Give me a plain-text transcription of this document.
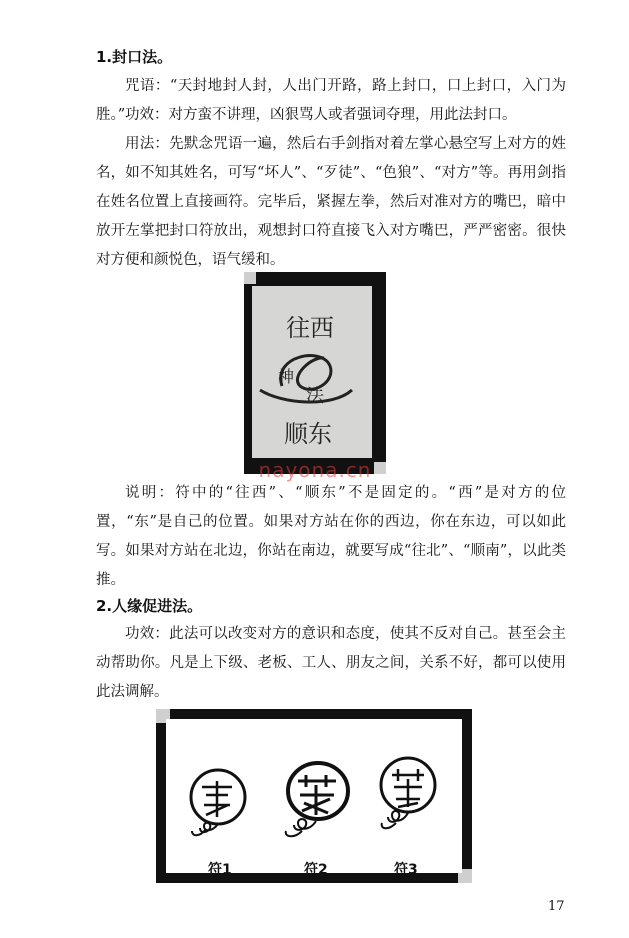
1.封口法。

咒语：“天封地封人封，人出门开路，路上封口，口上封口，入门为胜。” 功效：对方蛮不讲理，凶狠骂人或者强词夺理，用此法封口。

用法：先默念咒语一遍，然后右手剑指对着左掌心悬空写上对方的姓名，如不知其姓名，可写“坏人”、“歹徒”、“色狼”、“对方”等。再用剑指在姓名位置上直接画符。完毕后，紧握左拳，然后对准对方的嘴巴，暗中放开左掌把封口符放出，观想封口符直接飞入对方嘴巴，严严密密。很快对方便和颜悦色，语气缓和。

往西
神
法
顺东
nayona.cn

说明：符中的“往西”、“顺东”不是固定的。“西”是对方的位置，“东”是自己的位置。如果对方站在你的西边，你在东边，可以如此写。如果对方站在北边，你站在南边，就要写成“往北”、“顺南”，以此类推。

2.人缘促进法。

功效：此法可以改变对方的意识和态度，使其不反对自己。甚至会主动帮助你。凡是上下级、老板、工人、朋友之间，关系不好，都可以使用此法调解。

符1	符2	符3
17
